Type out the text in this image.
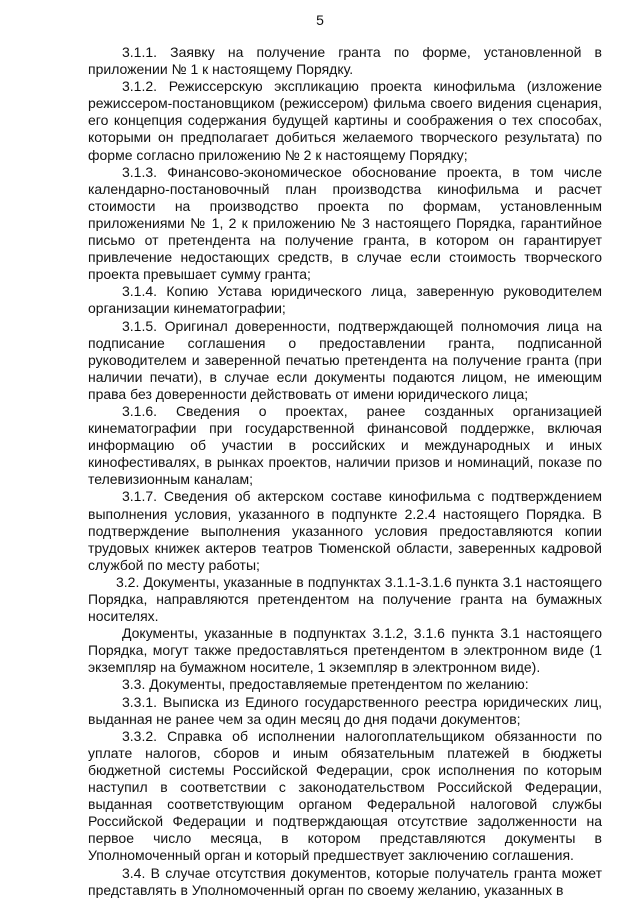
5

3.1.1. Заявку на получение гранта по форме, установленной в приложении № 1 к настоящему Порядку.

3.1.2. Режиссерскую экспликацию проекта кинофильма (изложение режиссером-постановщиком (режиссером) фильма своего видения сценария, его концепция содержания будущей картины и соображения о тех способах, которыми он предполагает добиться желаемого творческого результата) по форме согласно приложению № 2 к настоящему Порядку;

3.1.3. Финансово-экономическое обоснование проекта, в том числе календарно-постановочный план производства кинофильма и расчет стоимости на производство проекта по формам, установленным приложениями № 1, 2 к приложению № 3 настоящего Порядка, гарантийное письмо от претендента на получение гранта, в котором он гарантирует привлечение недостающих средств, в случае если стоимость творческого проекта превышает сумму гранта;

3.1.4. Копию Устава юридического лица, заверенную руководителем организации кинематографии;

3.1.5. Оригинал доверенности, подтверждающей полномочия лица на подписание соглашения о предоставлении гранта, подписанной руководителем и заверенной печатью претендента на получение гранта (при наличии печати), в случае если документы подаются лицом, не имеющим права без доверенности действовать от имени юридического лица;

3.1.6. Сведения о проектах, ранее созданных организацией кинематографии при государственной финансовой поддержке, включая информацию об участии в российских и международных и иных кинофестивалях, в рынках проектов, наличии призов и номинаций, показе по телевизионным каналам;

3.1.7. Сведения об актерском составе кинофильма с подтверждением выполнения условия, указанного в подпункте 2.2.4 настоящего Порядка. В подтверждение выполнения указанного условия предоставляются копии трудовых книжек актеров театров Тюменской области, заверенных кадровой службой по месту работы;

3.2. Документы, указанные в подпунктах 3.1.1-3.1.6 пункта 3.1 настоящего Порядка, направляются претендентом на получение гранта на бумажных носителях.

Документы, указанные в подпунктах 3.1.2, 3.1.6 пункта 3.1 настоящего Порядка, могут также предоставляться претендентом в электронном виде (1 экземпляр на бумажном носителе, 1 экземпляр в электронном виде).

3.3. Документы, предоставляемые претендентом по желанию:

3.3.1. Выписка из Единого государственного реестра юридических лиц, выданная не ранее чем за один месяц до дня подачи документов;

3.3.2. Справка об исполнении налогоплательщиком обязанности по уплате налогов, сборов и иным обязательным платежей в бюджеты бюджетной системы Российской Федерации, срок исполнения по которым наступил в соответствии с законодательством Российской Федерации, выданная соответствующим органом Федеральной налоговой службы Российской Федерации и подтверждающая отсутствие задолженности на первое число месяца, в котором представляются документы в Уполномоченный орган и который предшествует заключению соглашения.

3.4. В случае отсутствия документов, которые получатель гранта может представлять в Уполномоченный орган по своему желанию, указанных в
